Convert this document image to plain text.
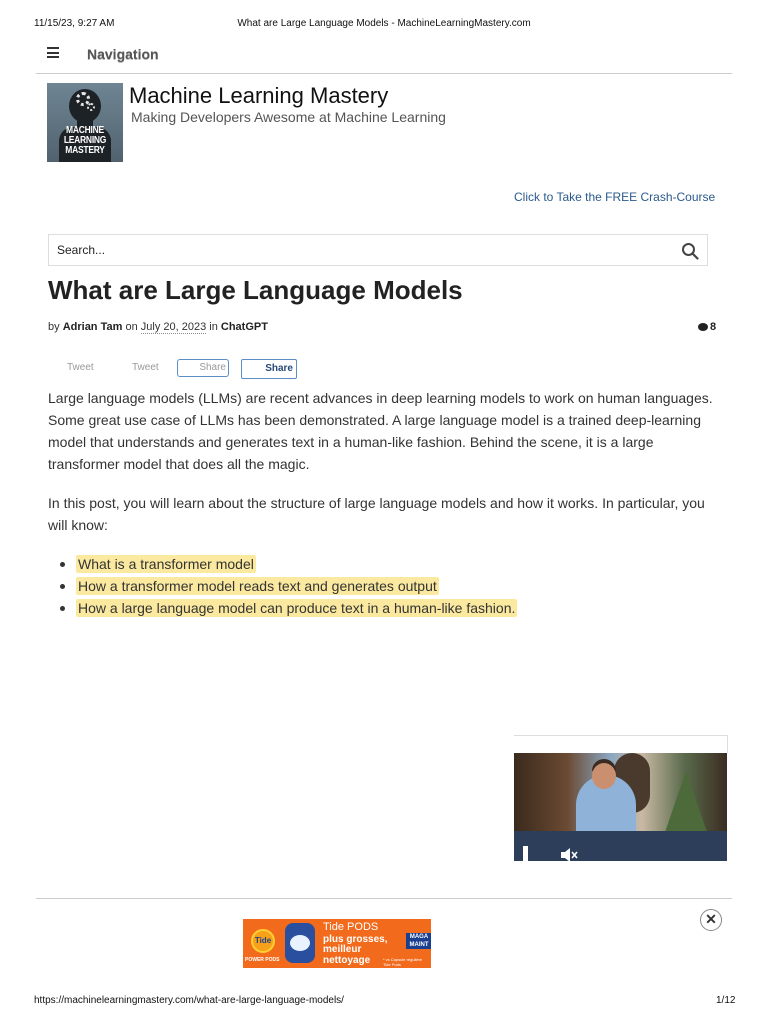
11/15/23, 9:27 AM	What are Large Language Models - MachineLearningMastery.com
Navigation
MACHINE
LEARNING
MASTERY
Machine Learning Mastery
Making Developers Awesome at Machine Learning
Click to Take the FREE Crash-Course
Search...
What are Large Language Models
by Adrian Tam on July 20, 2023 in ChatGPT	8
Tweet	Tweet	Share	Share
Large language models (LLMs) are recent advances in deep learning models to work on human languages. Some great use case of LLMs has been demonstrated. A large language model is a trained deep-learning model that understands and generates text in a human-like fashion. Behind the scene, it is a large transformer model that does all the magic.
In this post, you will learn about the structure of large language models and how it works. In particular, you will know:
What is a transformer model
How a transformer model reads text and generates output
How a large language model can produce text in a human-like fashion.
Tide
Tide PODS
plus grosses,
meilleur
nettoyage
MAGA MAINT
POWER PODS	* vs Capsule régulière Tide Pods
✕
https://machinelearningmastery.com/what-are-large-language-models/	1/12
